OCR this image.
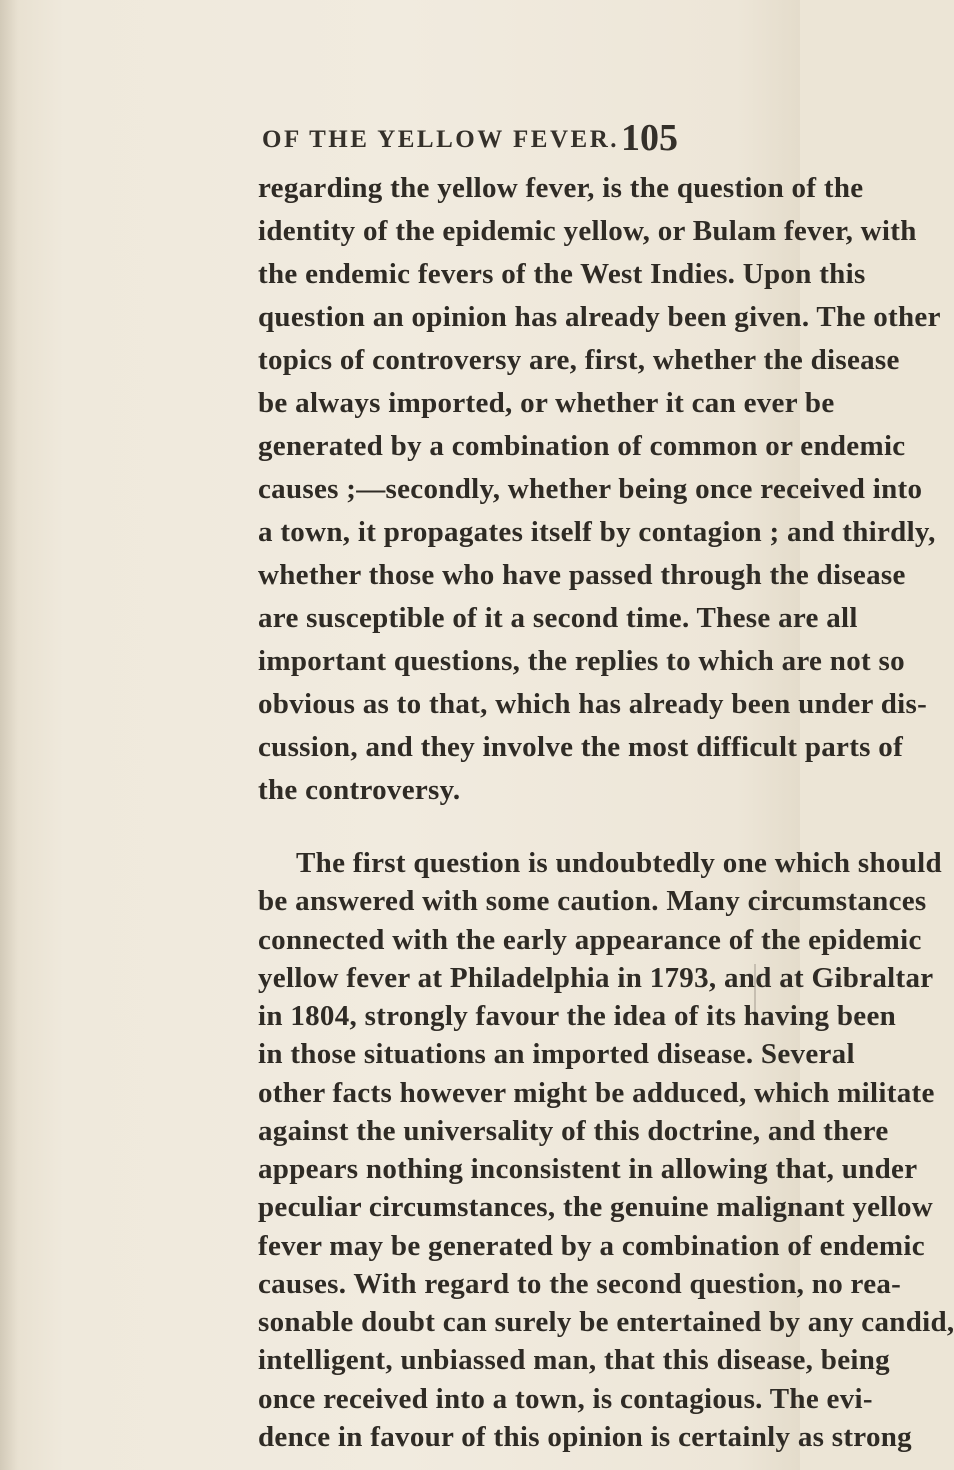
OF THE YELLOW FEVER. 105
regarding the yellow fever, is the question of the
identity of the epidemic yellow, or Bulam fever, with
the endemic fevers of the West Indies. Upon this
question an opinion has already been given. The other
topics of controversy are, first, whether the disease
be always imported, or whether it can ever be
generated by a combination of common or endemic
causes ;—secondly, whether being once received into
a town, it propagates itself by contagion ; and thirdly,
whether those who have passed through the disease
are susceptible of it a second time. These are all
important questions, the replies to which are not so
obvious as to that, which has already been under dis-
cussion, and they involve the most difficult parts of
the controversy.
The first question is undoubtedly one which should
be answered with some caution. Many circumstances
connected with the early appearance of the epidemic
yellow fever at Philadelphia in 1793, and at Gibraltar
in 1804, strongly favour the idea of its having been
in those situations an imported disease. Several
other facts however might be adduced, which militate
against the universality of this doctrine, and there
appears nothing inconsistent in allowing that, under
peculiar circumstances, the genuine malignant yellow
fever may be generated by a combination of endemic
causes. With regard to the second question, no rea-
sonable doubt can surely be entertained by any candid,
intelligent, unbiassed man, that this disease, being
once received into a town, is contagious. The evi-
dence in favour of this opinion is certainly as strong
